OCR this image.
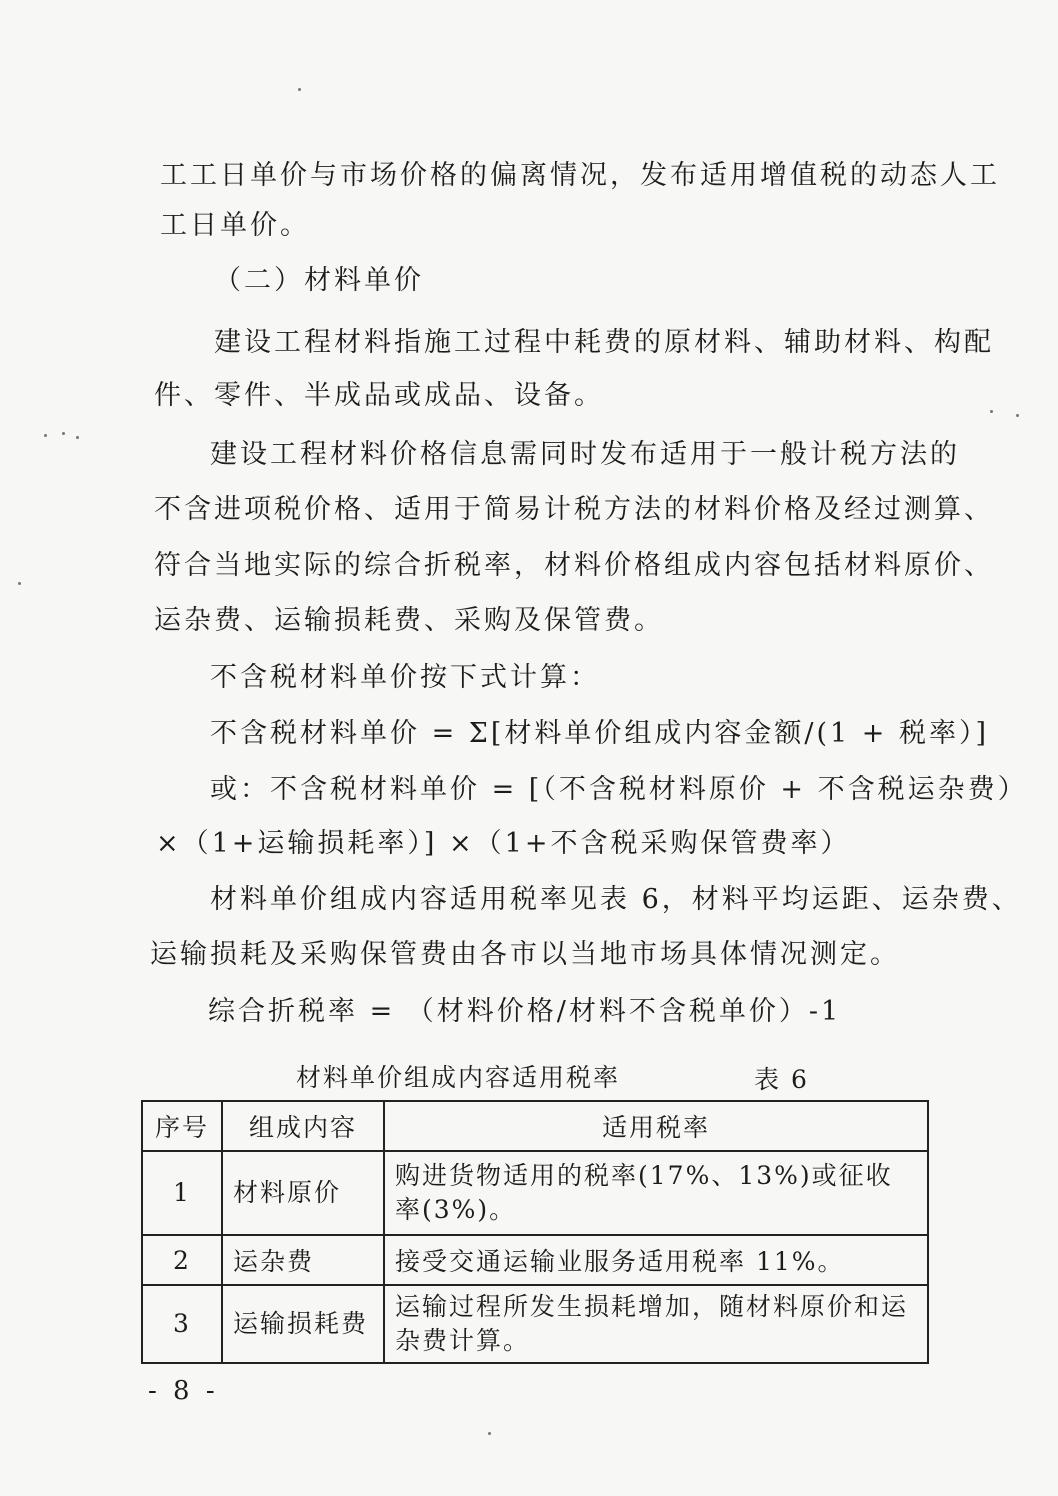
工工日单价与市场价格的偏离情况，发布适用增值税的动态人工
工日单价。
（二）材料单价
建设工程材料指施工过程中耗费的原材料、辅助材料、构配
件、零件、半成品或成品、设备。
建设工程材料价格信息需同时发布适用于一般计税方法的
不含进项税价格、适用于简易计税方法的材料价格及经过测算、
符合当地实际的综合折税率，材料价格组成内容包括材料原价、
运杂费、运输损耗费、采购及保管费。
不含税材料单价按下式计算：
不含税材料单价 = Σ[材料单价组成内容金额/(1 + 税率）]
或：不含税材料单价 = [（不含税材料原价 + 不含税运杂费）
×（1+运输损耗率）] ×（1+不含税采购保管费率）
材料单价组成内容适用税率见表 6，材料平均运距、运杂费、
运输损耗及采购保管费由各市以当地市场具体情况测定。
综合折税率 = （材料价格/材料不含税单价）-1
材料单价组成内容适用税率	表 6
序号	组成内容	适用税率
1	材料原价	购进货物适用的税率(17%、13%)或征收率(3%)。
2	运杂费	接受交通运输业服务适用税率 11%。
3	运输损耗费	运输过程所发生损耗增加，随材料原价和运杂费计算。
- 8 -
